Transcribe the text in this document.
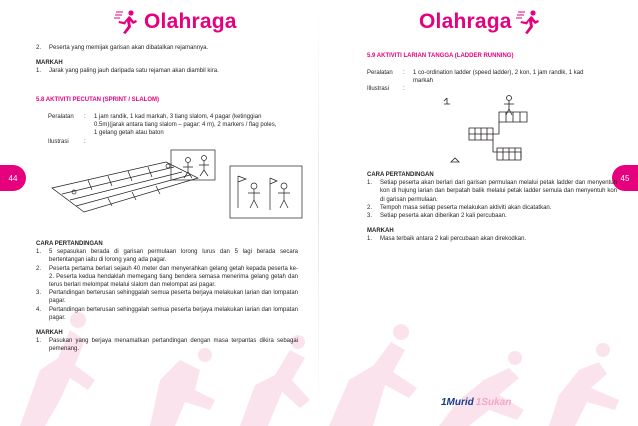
Olahraga
44
2.	Peserta yang memijak garisan akan dibatalkan rejamannya.
MARKAH
1.	Jarak yang paling jauh daripada satu rejaman akan diambil kira.
5.8 AKTIVITI PECUTAN (SPRINT / SLALOM)
Peralatan	:	1 jam randik, 1 kad markah, 3 tiang slalom, 4 pagar (ketinggian
0.5m)(jarak antara tiang slalom – pagar: 4 m), 2 markers / flag poles,
1 gelang getah atau baton
Ilustrasi	:
CARA PERTANDINGAN
1.	5 sepasukan berada di garisan permulaan lorong lurus dan 5 lagi berada secara bertentangan iaitu di lorong yang ada pagar.
2.	Peserta pertama berlari sejauh 40 meter dan menyerahkan gelang getah kepada peserta ke-2. Peserta kedua hendaklah memegang tiang bendera semasa menerima gelang getah dan terus berlari melompat melalui slalom dan melompat asi pagar.
3.	Pertandingan berterusan sehinggalah semua peserta berjaya melakukan larian dan lompatan pagar.
4.	Pertandingan berterusan sehinggalah semua peserta berjaya melakukan larian dan lompatan pagar.
MARKAH
1.	Pasukan yang berjaya menamatkan pertandingan dengan masa terpantas dikira sebagai pemenang.
Olahraga
45
5.9 AKTIVITI LARIAN TANGGA (LADDER RUNNING)
Peralatan	:	1 co-ordination ladder (speed ladder), 2 kon, 1 jam randik, 1 kad
markah
Illustrasi	:
CARA PERTANDINGAN
1.	Setiap peserta akan berlari dari garisan permulaan melalui petak ladder dan menyentuh kon di hujung larian dan berpatah balik melalui petak ladder semula dan menyentuh kon di garisan permulaan.
2.	Tempoh masa setiap peserta melakukan aktiviti akan dicatatkan.
3.	Setiap peserta akan diberikan 2 kali percubaan.
MARKAH
1.	Masa terbaik antara 2 kali percubaan akan direkodkan.
1Murid 1Sukan
